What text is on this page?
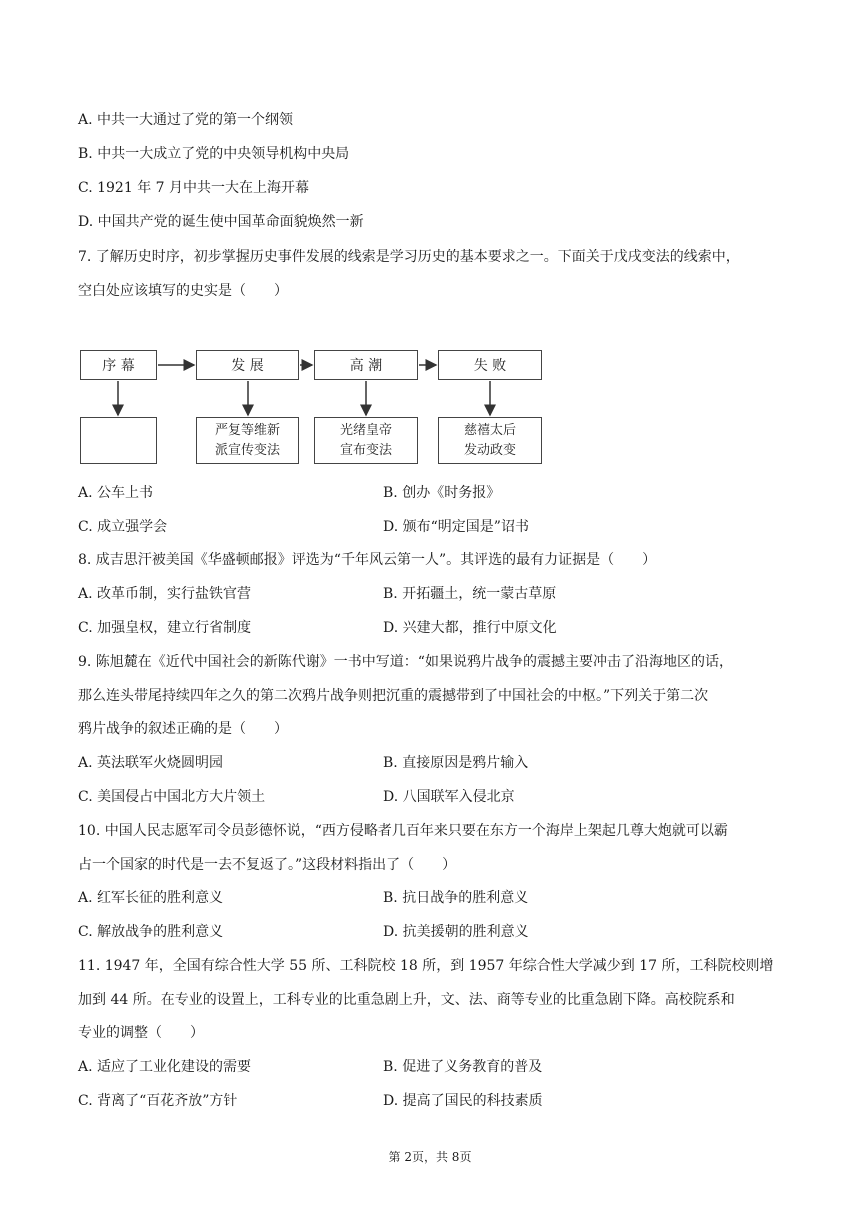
A. 中共一大通过了党的第一个纲领
B. 中共一大成立了党的中央领导机构中央局
C. 1921 年 7 月中共一大在上海开幕
D. 中国共产党的诞生使中国革命面貌焕然一新
7. 了解历史时序，初步掌握历史事件发展的线索是学习历史的基本要求之一。下面关于戊戌变法的线索中，
空白处应该填写的史实是（　　）
序 幕	发 展	高 潮	失 败
严复等维新
派宣传变法
光绪皇帝
宣布变法
慈禧太后
发动政变
A. 公车上书	B. 创办《时务报》
C. 成立强学会	D. 颁布“明定国是”诏书
8. 成吉思汗被美国《华盛顿邮报》评选为“千年风云第一人”。其评选的最有力证据是（　　）
A. 改革币制，实行盐铁官营	B. 开拓疆土，统一蒙古草原
C. 加强皇权，建立行省制度	D. 兴建大都，推行中原文化
9. 陈旭麓在《近代中国社会的新陈代谢》一书中写道：“如果说鸦片战争的震撼主要冲击了沿海地区的话，
那么连头带尾持续四年之久的第二次鸦片战争则把沉重的震撼带到了中国社会的中枢。”下列关于第二次
鸦片战争的叙述正确的是（　　）
A. 英法联军火烧圆明园	B. 直接原因是鸦片输入
C. 美国侵占中国北方大片领土	D. 八国联军入侵北京
10. 中国人民志愿军司令员彭德怀说，“西方侵略者几百年来只要在东方一个海岸上架起几尊大炮就可以霸
占一个国家的时代是一去不复返了。”这段材料指出了（　　）
A. 红军长征的胜利意义	B. 抗日战争的胜利意义
C. 解放战争的胜利意义	D. 抗美援朝的胜利意义
11. 1947 年，全国有综合性大学 55 所、工科院校 18 所，到 1957 年综合性大学减少到 17 所，工科院校则增
加到 44 所。在专业的设置上，工科专业的比重急剧上升，文、法、商等专业的比重急剧下降。高校院系和
专业的调整（　　）
A. 适应了工业化建设的需要	B. 促进了义务教育的普及
C. 背离了“百花齐放”方针	D. 提高了国民的科技素质
第 2页，共 8页
